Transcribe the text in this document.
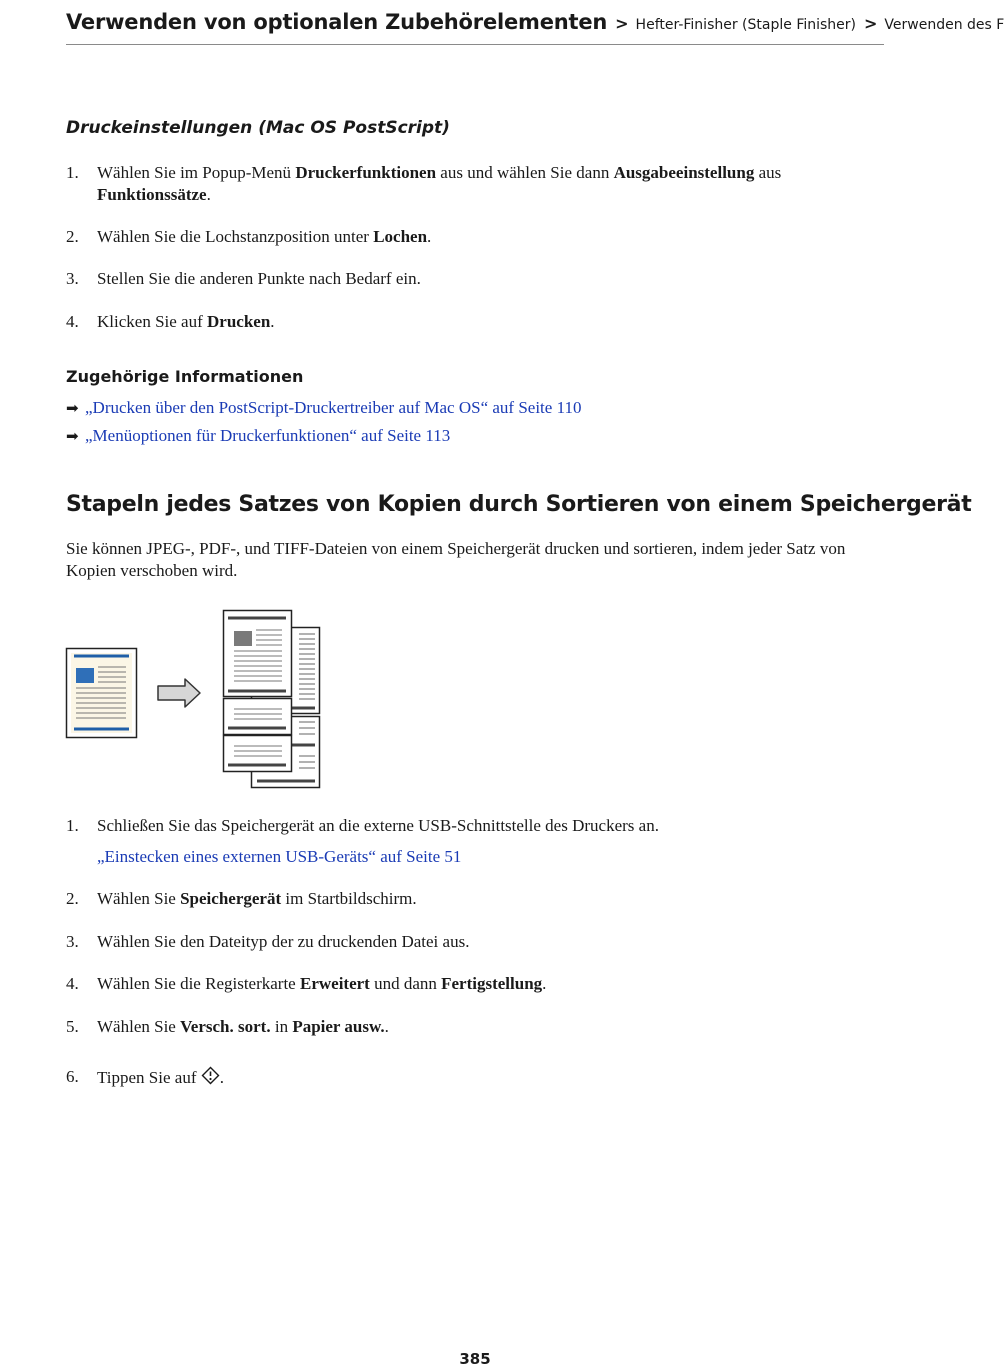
Verwenden von optionalen Zubehörelementen > Hefter-Finisher (Staple Finisher) > Verwenden des F
Druckeinstellungen (Mac OS PostScript)
1. Wählen Sie im Popup-Menü Druckerfunktionen aus und wählen Sie dann Ausgabeeinstellung aus
Funktionssätze.
2. Wählen Sie die Lochstanzposition unter Lochen.
3. Stellen Sie die anderen Punkte nach Bedarf ein.
4. Klicken Sie auf Drucken.
Zugehörige Informationen
➡ „Drucken über den PostScript-Druckertreiber auf Mac OS“ auf Seite 110
➡ „Menüoptionen für Druckerfunktionen“ auf Seite 113
Stapeln jedes Satzes von Kopien durch Sortieren von einem Speichergerät

Sie können JPEG-, PDF-, und TIFF-Dateien von einem Speichergerät drucken und sortieren, indem jeder Satz von Kopien verschoben wird.

1. Schließen Sie das Speichergerät an die externe USB-Schnittstelle des Druckers an.
„Einstecken eines externen USB-Geräts“ auf Seite 51
2. Wählen Sie Speichergerät im Startbildschirm.
3. Wählen Sie den Dateityp der zu druckenden Datei aus.
4. Wählen Sie die Registerkarte Erweitert und dann Fertigstellung.
5. Wählen Sie Versch. sort. in Papier ausw..
6. Tippen Sie auf .
385
